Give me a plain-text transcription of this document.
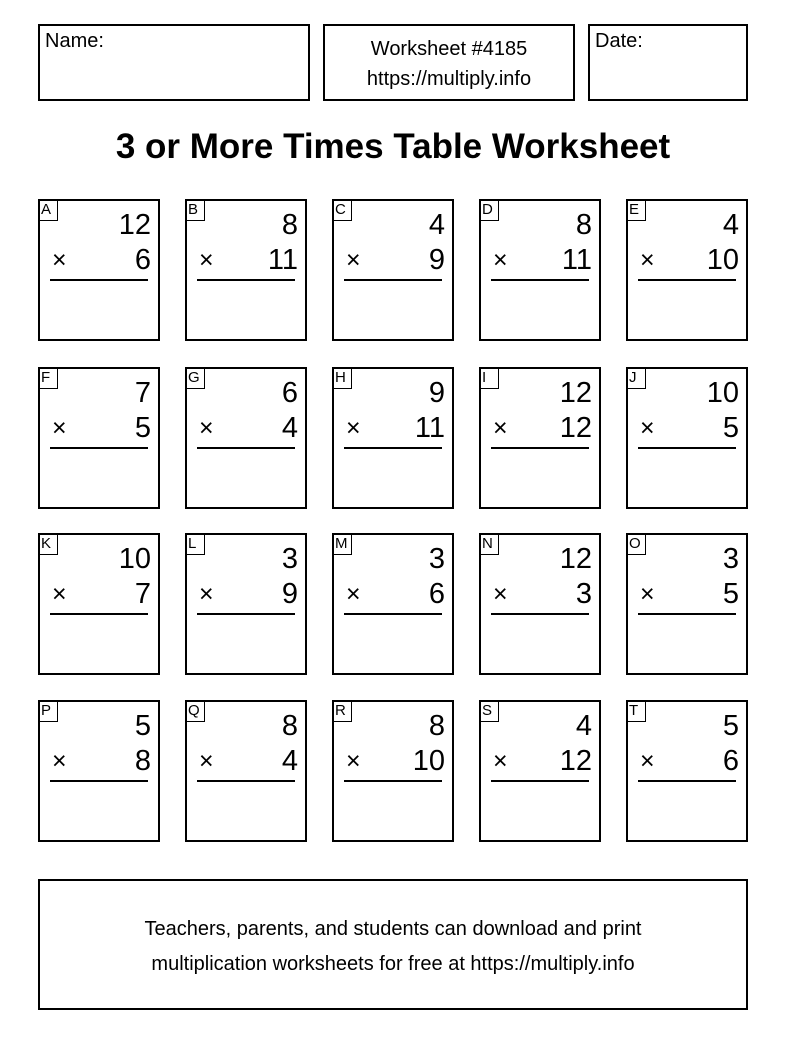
Name:	Worksheet #4185
https://multiply.info
Date:
3 or More Times Table Worksheet
A 12
× 6
B	8
× 11
C	4
× 9
D	8
× 11
E	4
× 10
F	7
× 5
G	6
× 4
H	9
× 11
I	12
× 12
J	10
× 5
K 10
× 7
L	3
× 9
M	3
× 6
N 12
× 3
O	3
× 5
P	5
× 8
Q	8
× 4
R	8
× 10
S	4
× 12
T	5
× 6
Teachers, parents, and students can download and print
multiplication worksheets for free at https://multiply.info
